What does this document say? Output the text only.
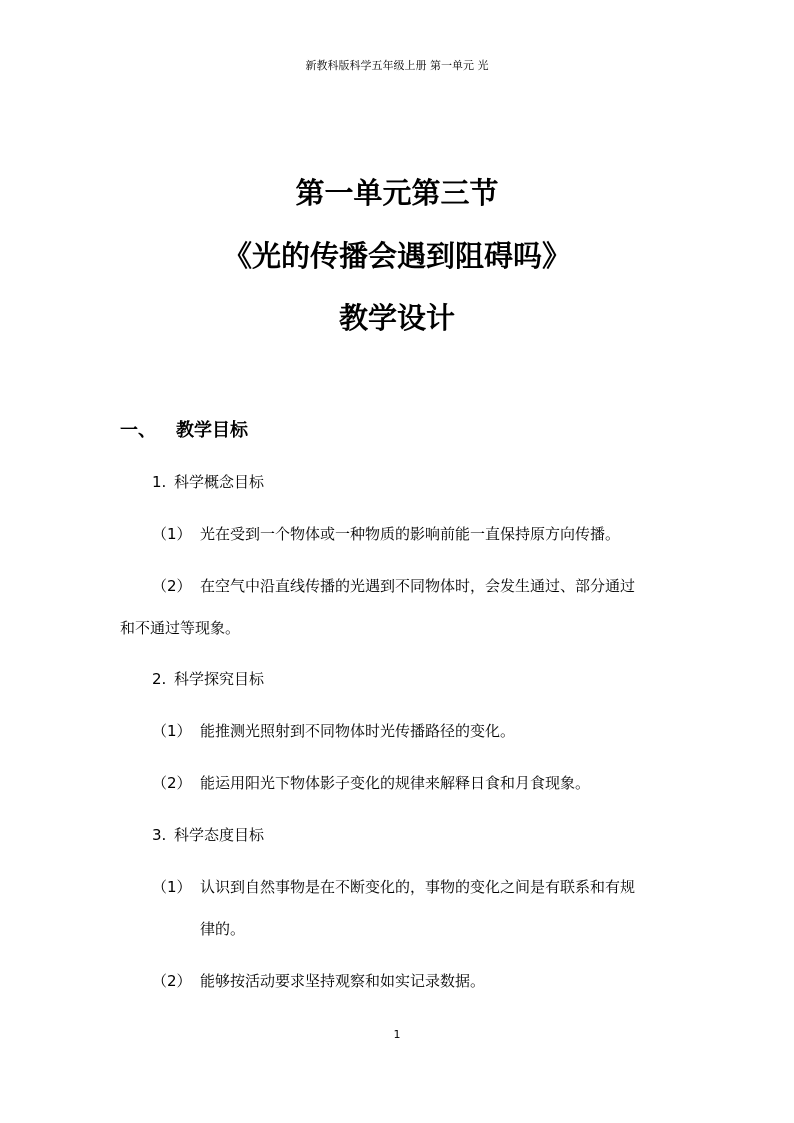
新教科版科学五年级上册 第一单元 光
第一单元第三节
《光的传播会遇到阻碍吗》
教学设计
一、 教学目标
1. 科学概念目标
（1） 光在受到一个物体或一种物质的影响前能一直保持原方向传播。
（2） 在空气中沿直线传播的光遇到不同物体时，会发生通过、部分通过
和不通过等现象。
2. 科学探究目标
（1） 能推测光照射到不同物体时光传播路径的变化。
（2） 能运用阳光下物体影子变化的规律来解释日食和月食现象。
3. 科学态度目标
（1） 认识到自然事物是在不断变化的，事物的变化之间是有联系和有规
律的。
（2） 能够按活动要求坚持观察和如实记录数据。
1
